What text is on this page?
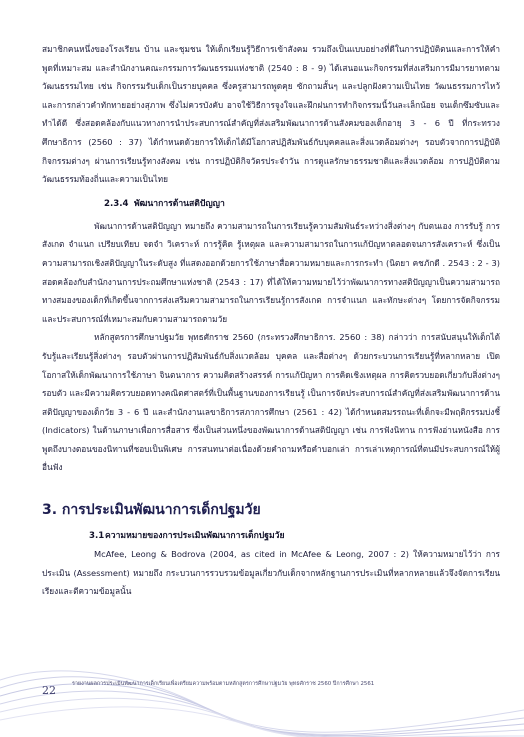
สมาชิกคนหนึ่งของโรงเรียน บ้าน และชุมชน ให้เด็กเรียนรู้วิธีการเข้าสังคม รวมถึงเป็นแบบอย่างที่ดีในการปฏิบัติตนและการให้คำพูดที่เหมาะสม และสำนักงานคณะกรรมการวัฒนธรรมแห่งชาติ (2540 : 8 - 9) ได้เสนอแนะกิจกรรมที่ส่งเสริมการมีมารยาทตามวัฒนธรรมไทย เช่น กิจกรรมรับเด็กเป็นรายบุคคล ซึ่งครูสามารถพูดคุย ซักถามสั้นๆ และปลูกฝังความเป็นไทย วัฒนธรรมการไหว้ และการกล่าวคำทักทายอย่างสุภาพ ซึ่งไม่ควรบังคับ อาจใช้วิธีการจูงใจและฝึกฝนการทำกิจกรรมนี้วันละเล็กน้อย จนเด็กซึมซับและทำได้ดี ซึ่งสอดคล้องกับแนวทางการนำประสบการณ์สำคัญที่ส่งเสริมพัฒนาการด้านสังคมของเด็กอายุ 3 - 6 ปี ที่กระทรวงศึกษาธิการ (2560 : 37) ได้กำหนดด้วยการให้เด็กได้มีโอกาสปฏิสัมพันธ์กับบุคคลและสิ่งแวดล้อมต่างๆ รอบตัวจากการปฏิบัติกิจกรรมต่างๆ ผ่านการเรียนรู้ทางสังคม เช่น การปฏิบัติกิจวัตรประจำวัน การดูแลรักษาธรรมชาติและสิ่งแวดล้อม การปฏิบัติตามวัฒนธรรมท้องถิ่นและความเป็นไทย

2.3.4 พัฒนาการด้านสติปัญญา

พัฒนาการด้านสติปัญญา หมายถึง ความสามารถในการเรียนรู้ความสัมพันธ์ระหว่างสิ่งต่างๆ กับตนเอง การรับรู้ การสังเกต จำแนก เปรียบเทียบ จดจำ วิเคราะห์ การรู้คิด รู้เหตุผล และความสามารถในการแก้ปัญหาตลอดจนการสังเคราะห์ ซึ่งเป็นความสามารถเชิงสติปัญญาในระดับสูง ที่แสดงออกด้วยการใช้ภาษาสื่อความหมายและการกระทำ (นิตยา คชภักดี . 2543 : 2 - 3) สอดคล้องกับสำนักงานการประถมศึกษาแห่งชาติ (2543 : 17) ที่ได้ให้ความหมายไว้ว่าพัฒนาการทางสติปัญญาเป็นความสามารถทางสมองของเด็กที่เกิดขึ้นจากการส่งเสริมความสามารถในการเรียนรู้การสังเกต การจำแนก และทักษะต่างๆ โดยการจัดกิจกรรมและประสบการณ์ที่เหมาะสมกับความสามารถตามวัย

หลักสูตรการศึกษาปฐมวัย พุทธศักราช 2560 (กระทรวงศึกษาธิการ. 2560 : 38) กล่าวว่า การสนับสนุนให้เด็กได้รับรู้และเรียนรู้สิ่งต่างๆ รอบตัวผ่านการปฏิสัมพันธ์กับสิ่งแวดล้อม บุคคล และสื่อต่างๆ ด้วยกระบวนการเรียนรู้ที่หลากหลาย เปิดโอกาสให้เด็กพัฒนาการใช้ภาษา จินตนาการ ความคิดสร้างสรรค์ การแก้ปัญหา การคิดเชิงเหตุผล การคิดรวบยอดเกี่ยวกับสิ่งต่างๆ รอบตัว และมีความคิดรวบยอดทางคณิตศาสตร์ที่เป็นพื้นฐานของการเรียนรู้ เป็นการจัดประสบการณ์สำคัญที่ส่งเสริมพัฒนาการด้านสติปัญญาของเด็กวัย 3 - 6 ปี และสำนักงานเลขาธิการสภาการศึกษา (2561 : 42) ได้กำหนดสมรรถนะที่เด็กจะมีพฤติกรรมบ่งชี้ (Indicators) ในด้านภาษาเพื่อการสื่อสาร ซึ่งเป็นส่วนหนึ่งของพัฒนาการด้านสติปัญญา เช่น การฟังนิทาน การฟังอ่านหนังสือ การพูดถึงบางตอนของนิทานที่ชอบเป็นพิเศษ การสนทนาต่อเนื่องด้วยคำถามหรือคำบอกเล่า การเล่าเหตุการณ์ที่ตนมีประสบการณ์ให้ผู้อื่นฟัง

3. การประเมินพัฒนาการเด็กปฐมวัย
3.1ความหมายของการประเมินพัฒนาการเด็กปฐมวัย

McAfee, Leong & Bodrova (2004, as cited in McAfee & Leong, 2007 : 2) ให้ความหมายไว้ว่า การประเมิน (Assessment) หมายถึง กระบวนการรวบรวมข้อมูลเกี่ยวกับเด็กจากหลักฐานการประเมินที่หลากหลายแล้วจึงจัดการเรียนเรียงและตีความข้อมูลนั้น

22	รายงานผลการประเมินพัฒนาการเด็กเรียนเพื่อเตรียมความพร้อมตามหลักสูตรการศึกษาปฐมวัย พุทธศักราช 2560 ปีการศึกษา 2561
